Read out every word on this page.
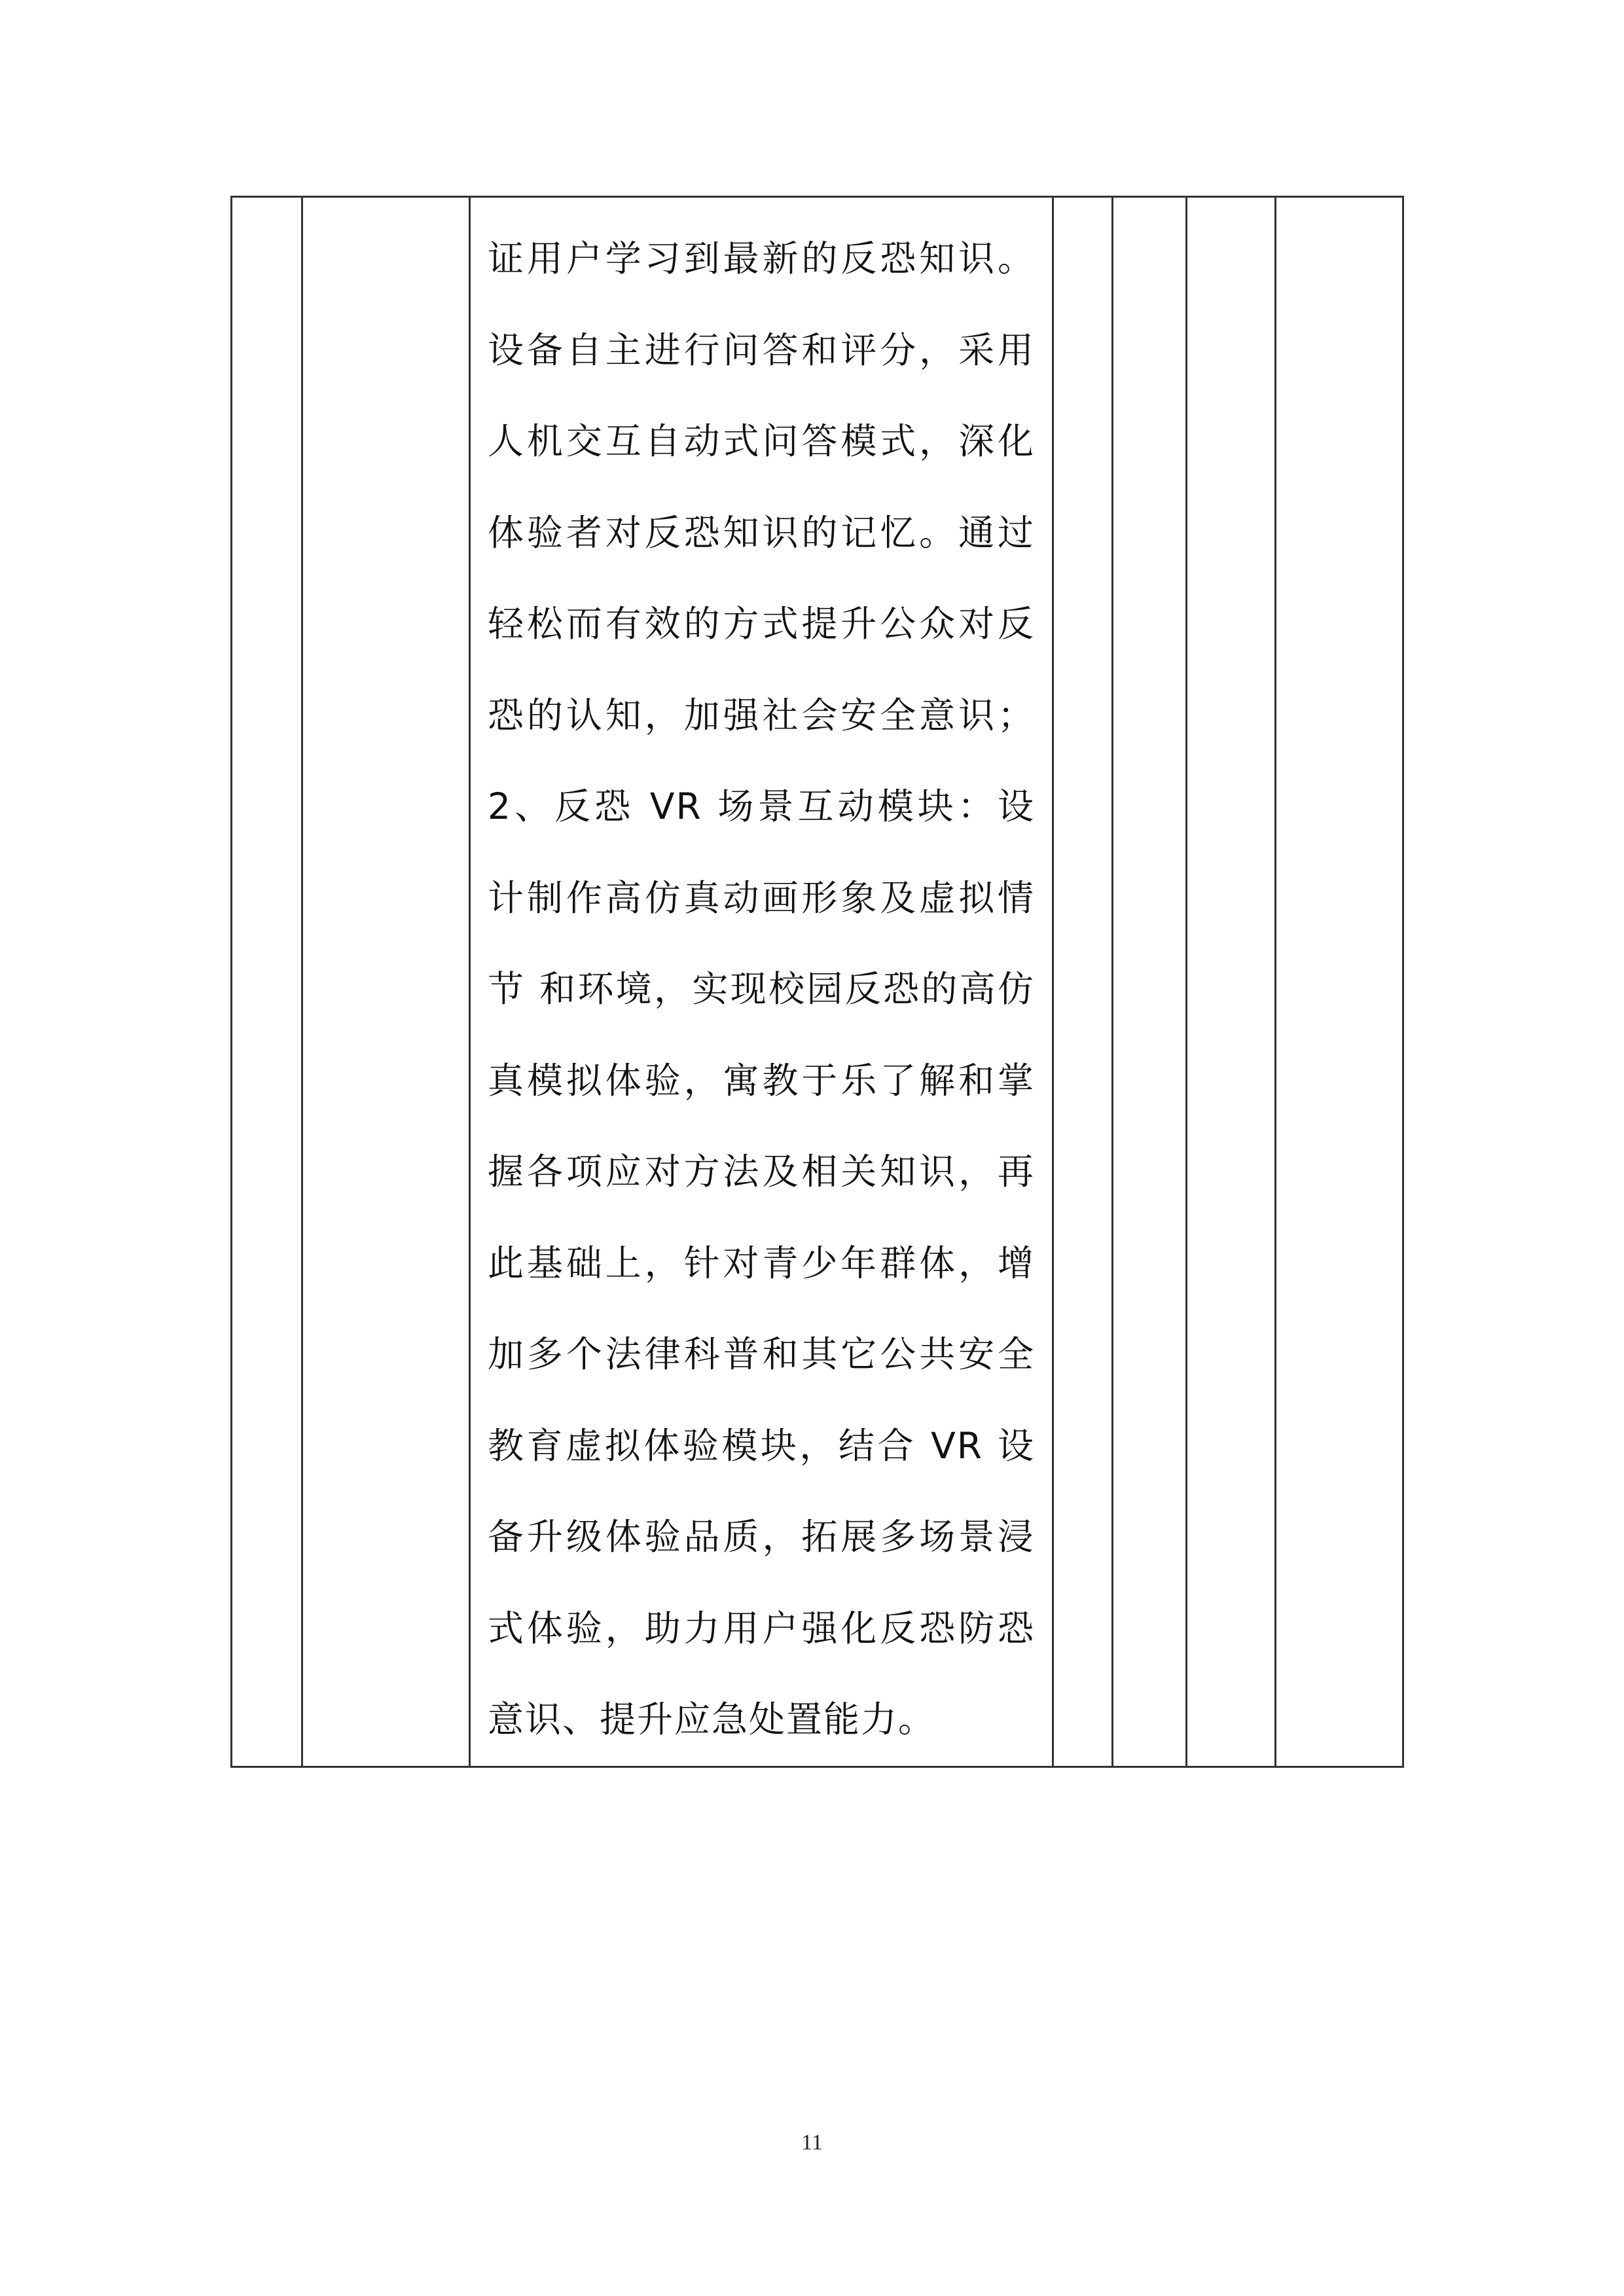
证用户学习到最新的反恐知识。设备自主进行问答和评分，采用人机交互自动式问答模式，深化体验者对反恐知识的记忆。通过轻松而有效的方式提升公众对反恐的认知，加强社会安全意识；2、反恐 VR 场景互动模块：设计制作高仿真动画形象及虚拟情节 和环境，实现校园反恐的高仿真模拟体验，寓教于乐了解和掌握各项应对方法及相关知识，再此基础上，针对青少年群体，增加多个法律科普和其它公共安全教育虚拟体验模块，结合 VR 设备升级体验品质，拓展多场景浸式体验，助力用户强化反恐防恐意识、提升应急处置能力。

11
